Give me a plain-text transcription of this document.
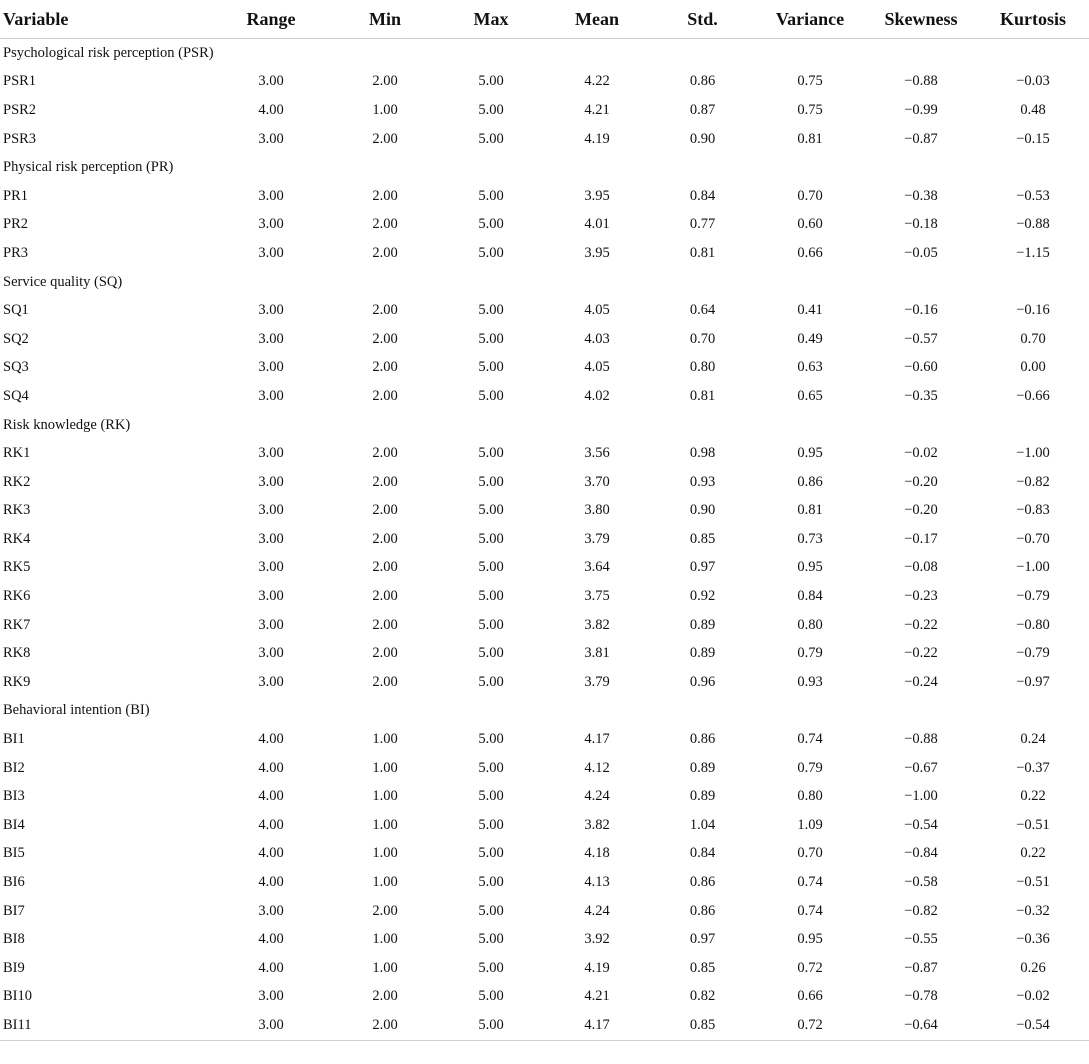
Variable	Range	Min	Max	Mean	Std.	Variance	Skewness	Kurtosis
Psychological risk perception (PSR)								
PSR1	3.00	2.00	5.00	4.22	0.86	0.75	−0.88	−0.03
PSR2	4.00	1.00	5.00	4.21	0.87	0.75	−0.99	0.48
PSR3	3.00	2.00	5.00	4.19	0.90	0.81	−0.87	−0.15
Physical risk perception (PR)								
PR1	3.00	2.00	5.00	3.95	0.84	0.70	−0.38	−0.53
PR2	3.00	2.00	5.00	4.01	0.77	0.60	−0.18	−0.88
PR3	3.00	2.00	5.00	3.95	0.81	0.66	−0.05	−1.15
Service quality (SQ)								
SQ1	3.00	2.00	5.00	4.05	0.64	0.41	−0.16	−0.16
SQ2	3.00	2.00	5.00	4.03	0.70	0.49	−0.57	0.70
SQ3	3.00	2.00	5.00	4.05	0.80	0.63	−0.60	0.00
SQ4	3.00	2.00	5.00	4.02	0.81	0.65	−0.35	−0.66
Risk knowledge (RK)								
RK1	3.00	2.00	5.00	3.56	0.98	0.95	−0.02	−1.00
RK2	3.00	2.00	5.00	3.70	0.93	0.86	−0.20	−0.82
RK3	3.00	2.00	5.00	3.80	0.90	0.81	−0.20	−0.83
RK4	3.00	2.00	5.00	3.79	0.85	0.73	−0.17	−0.70
RK5	3.00	2.00	5.00	3.64	0.97	0.95	−0.08	−1.00
RK6	3.00	2.00	5.00	3.75	0.92	0.84	−0.23	−0.79
RK7	3.00	2.00	5.00	3.82	0.89	0.80	−0.22	−0.80
RK8	3.00	2.00	5.00	3.81	0.89	0.79	−0.22	−0.79
RK9	3.00	2.00	5.00	3.79	0.96	0.93	−0.24	−0.97
Behavioral intention (BI)								
BI1	4.00	1.00	5.00	4.17	0.86	0.74	−0.88	0.24
BI2	4.00	1.00	5.00	4.12	0.89	0.79	−0.67	−0.37
BI3	4.00	1.00	5.00	4.24	0.89	0.80	−1.00	0.22
BI4	4.00	1.00	5.00	3.82	1.04	1.09	−0.54	−0.51
BI5	4.00	1.00	5.00	4.18	0.84	0.70	−0.84	0.22
BI6	4.00	1.00	5.00	4.13	0.86	0.74	−0.58	−0.51
BI7	3.00	2.00	5.00	4.24	0.86	0.74	−0.82	−0.32
BI8	4.00	1.00	5.00	3.92	0.97	0.95	−0.55	−0.36
BI9	4.00	1.00	5.00	4.19	0.85	0.72	−0.87	0.26
BI10	3.00	2.00	5.00	4.21	0.82	0.66	−0.78	−0.02
BI11	3.00	2.00	5.00	4.17	0.85	0.72	−0.64	−0.54
